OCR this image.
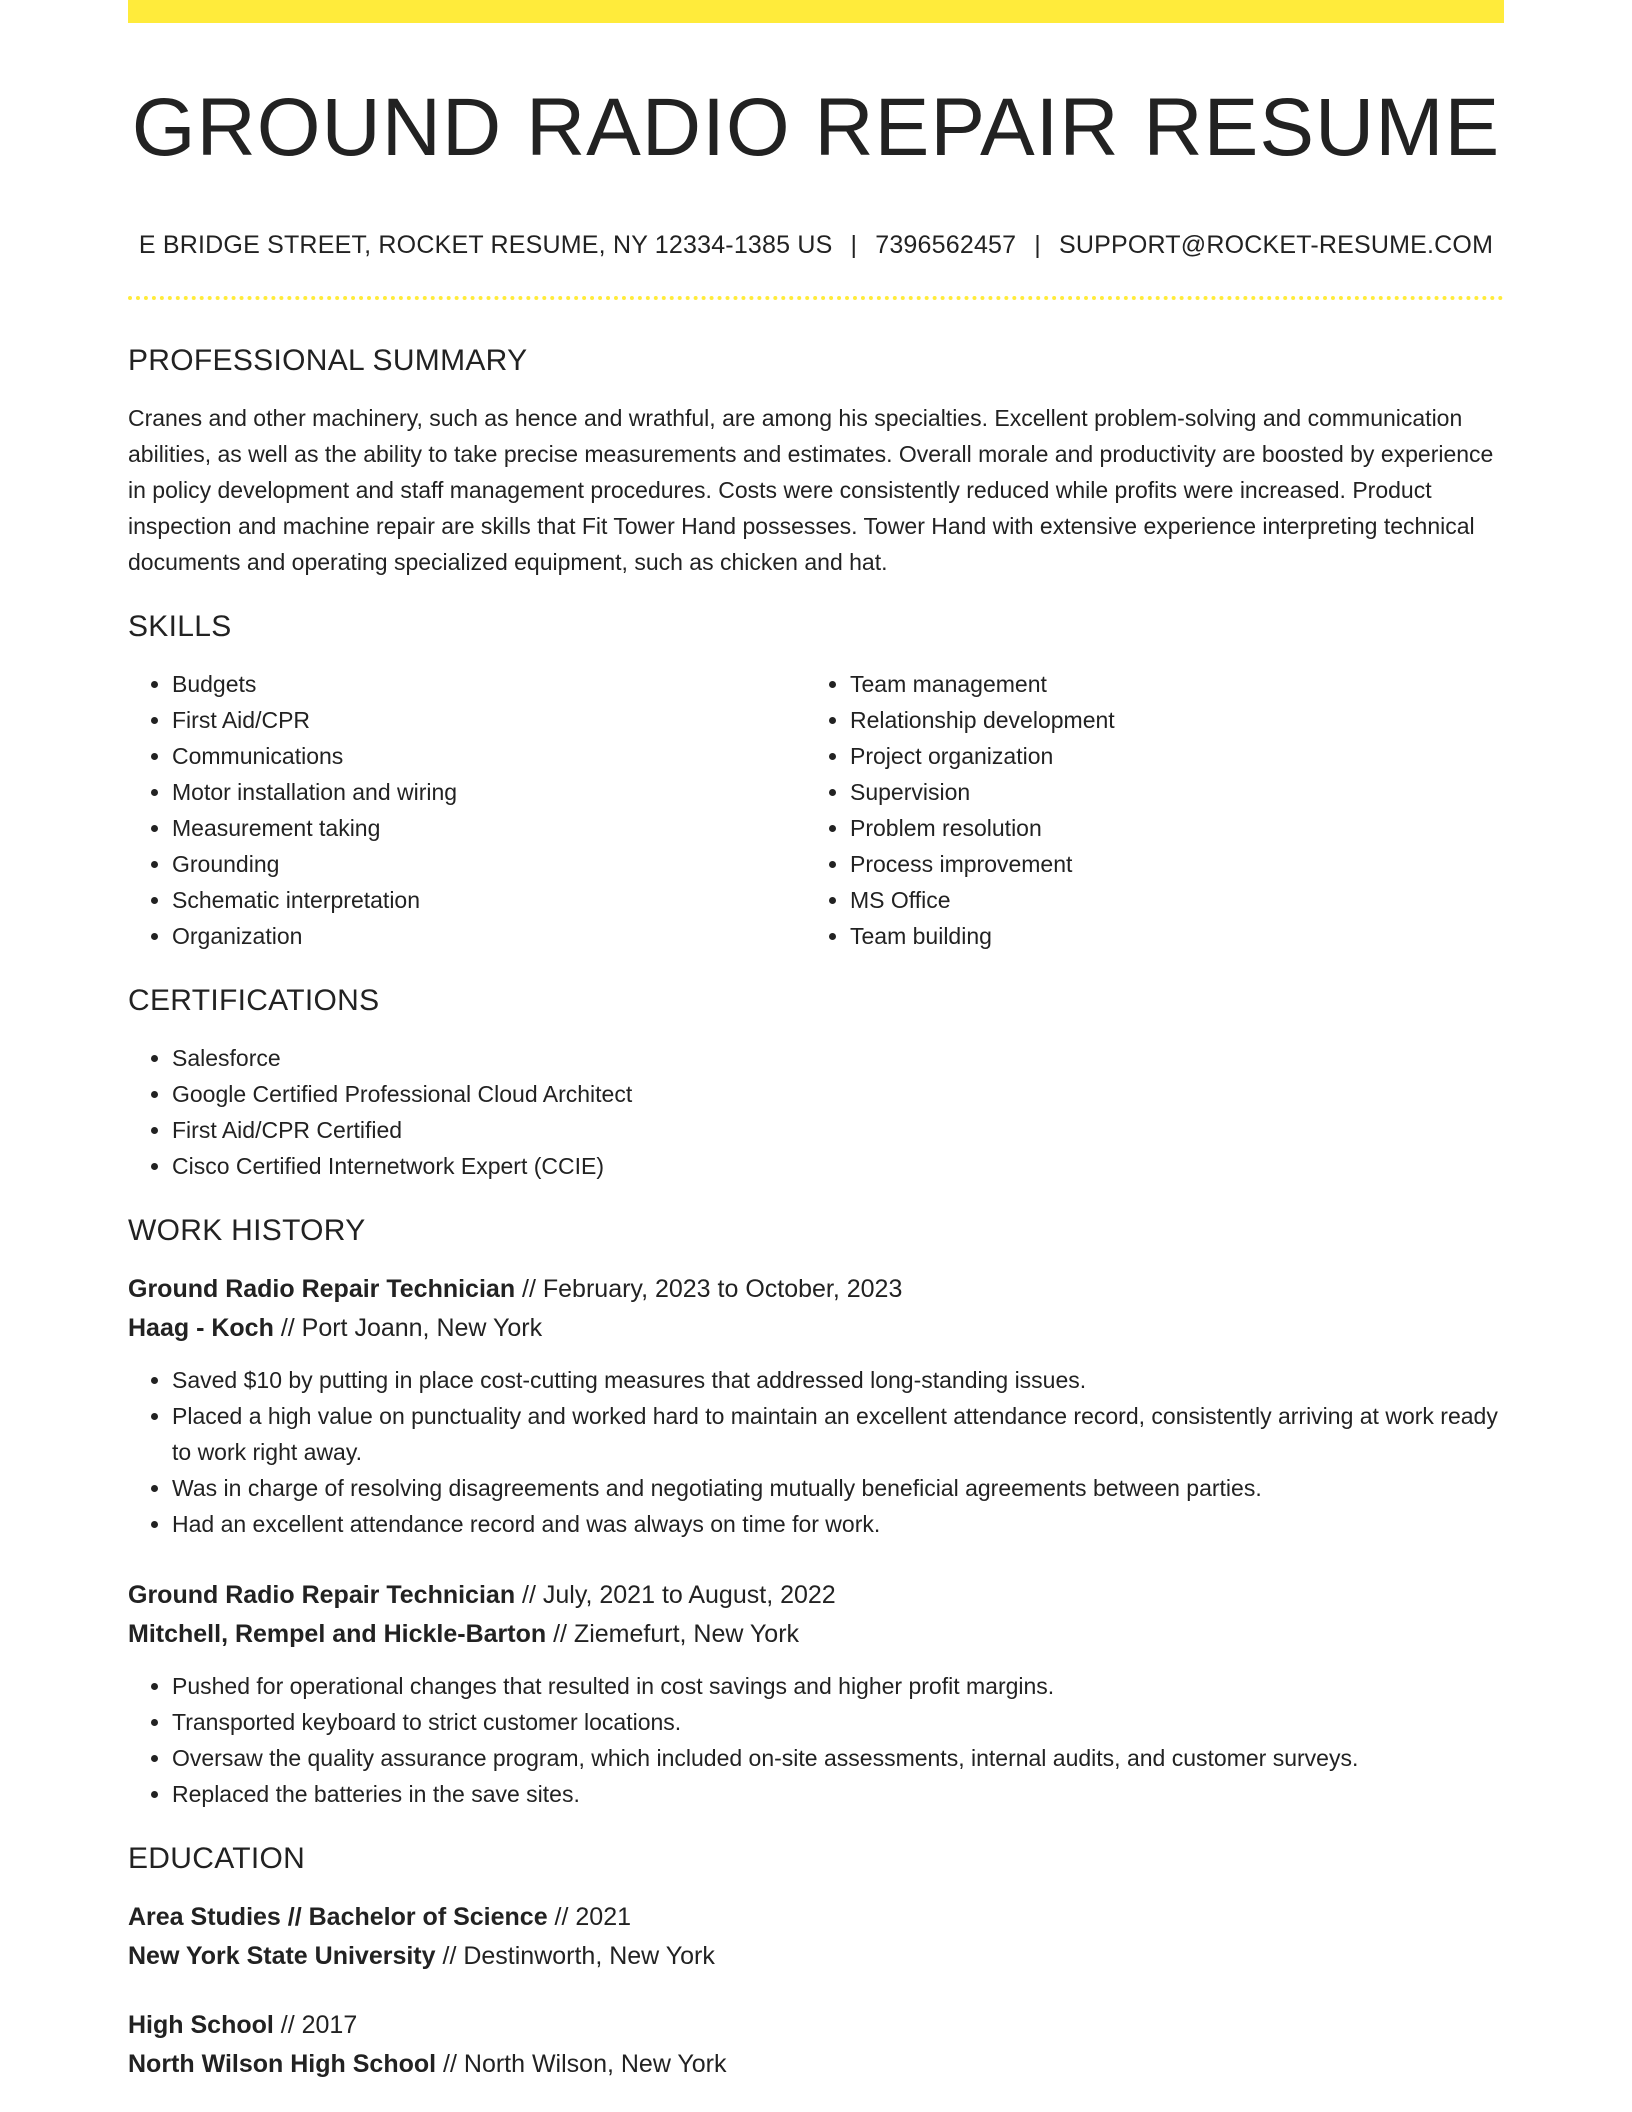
GROUND RADIO REPAIR RESUME
E BRIDGE STREET, ROCKET RESUME, NY 12334-1385 US | 7396562457 | SUPPORT@ROCKET-RESUME.COM
PROFESSIONAL SUMMARY
Cranes and other machinery, such as hence and wrathful, are among his specialties. Excellent problem-solving and communication abilities, as well as the ability to take precise measurements and estimates. Overall morale and productivity are boosted by experience in policy development and staff management procedures. Costs were consistently reduced while profits were increased. Product inspection and machine repair are skills that Fit Tower Hand possesses. Tower Hand with extensive experience interpreting technical documents and operating specialized equipment, such as chicken and hat.
SKILLS
• Budgets
• First Aid/CPR
• Communications
• Motor installation and wiring
• Measurement taking
• Grounding
• Schematic interpretation
• Organization
• Team management
• Relationship development
• Project organization
• Supervision
• Problem resolution
• Process improvement
• MS Office
• Team building
CERTIFICATIONS
• Salesforce
• Google Certified Professional Cloud Architect
• First Aid/CPR Certified
• Cisco Certified Internetwork Expert (CCIE)
WORK HISTORY
Ground Radio Repair Technician // February, 2023 to October, 2023
Haag - Koch // Port Joann, New York
• Saved $10 by putting in place cost-cutting measures that addressed long-standing issues.
• Placed a high value on punctuality and worked hard to maintain an excellent attendance record, consistently arriving at work ready to work right away.
• Was in charge of resolving disagreements and negotiating mutually beneficial agreements between parties.
• Had an excellent attendance record and was always on time for work.
Ground Radio Repair Technician // July, 2021 to August, 2022
Mitchell, Rempel and Hickle-Barton // Ziemefurt, New York
• Pushed for operational changes that resulted in cost savings and higher profit margins.
• Transported keyboard to strict customer locations.
• Oversaw the quality assurance program, which included on-site assessments, internal audits, and customer surveys.
• Replaced the batteries in the save sites.
EDUCATION
Area Studies // Bachelor of Science // 2021
New York State University // Destinworth, New York
High School // 2017
North Wilson High School // North Wilson, New York
